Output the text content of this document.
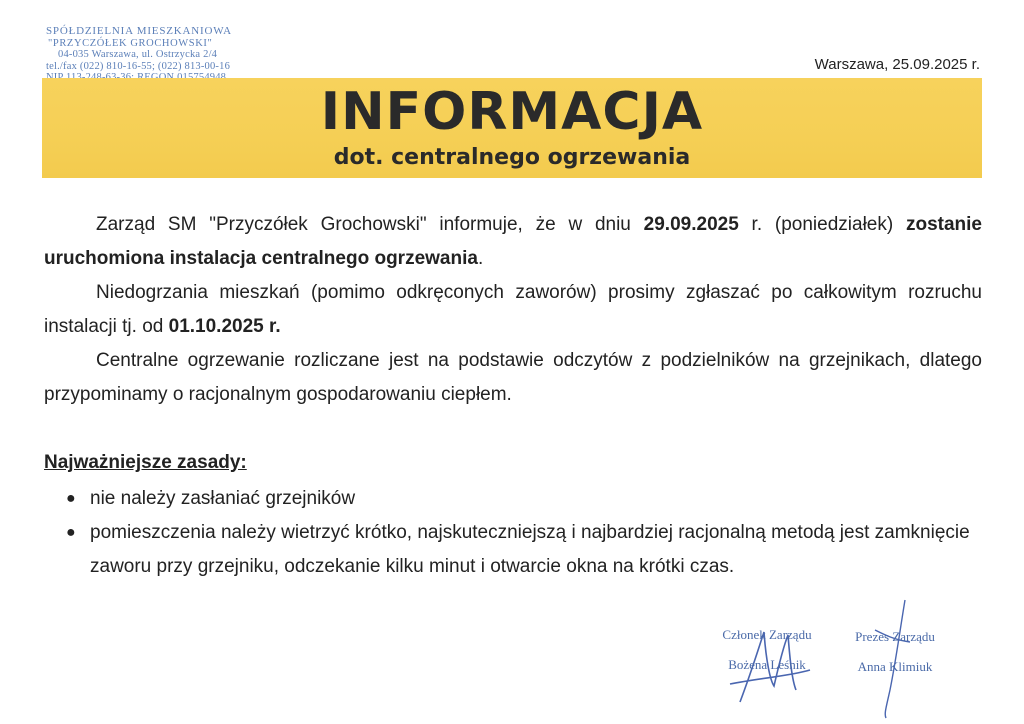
SPÓŁDZIELNIA MIESZKANIOWA
"PRZYCZÓŁEK GROCHOWSKI"
04-035 Warszawa, ul. Ostrzycka 2/4
tel./fax (022) 810-16-55; (022) 813-00-16	Warszawa, 25.09.2025 r.
INFORMACJA
dot. centralnego ogrzewania

Zarząd SM "Przyczółek Grochowski" informuje, że w dniu 29.09.2025 r. (poniedziałek) zostanie uruchomiona instalacja centralnego ogrzewania.

Niedogrzania mieszkań (pomimo odkręconych zaworów) prosimy zgłaszać po całkowitym rozruchu instalacji tj. od 01.10.2025 r.

Centralne ogrzewanie rozliczane jest na podstawie odczytów z podzielników na grzejnikach, dlatego przypominamy o racjonalnym gospodarowaniu ciepłem.

Najważniejsze zasady:
● nie należy zasłaniać grzejników
● pomieszczenia należy wietrzyć krótko, najskuteczniejszą i najbardziej racjonalną metodą jest zamknięcie zaworu przy grzejniku, odczekanie kilku minut i otwarcie okna na krótki czas.
Członek Zarządu
Bożena Leśnik
Prezes Zarządu
Anna Klimiuk
